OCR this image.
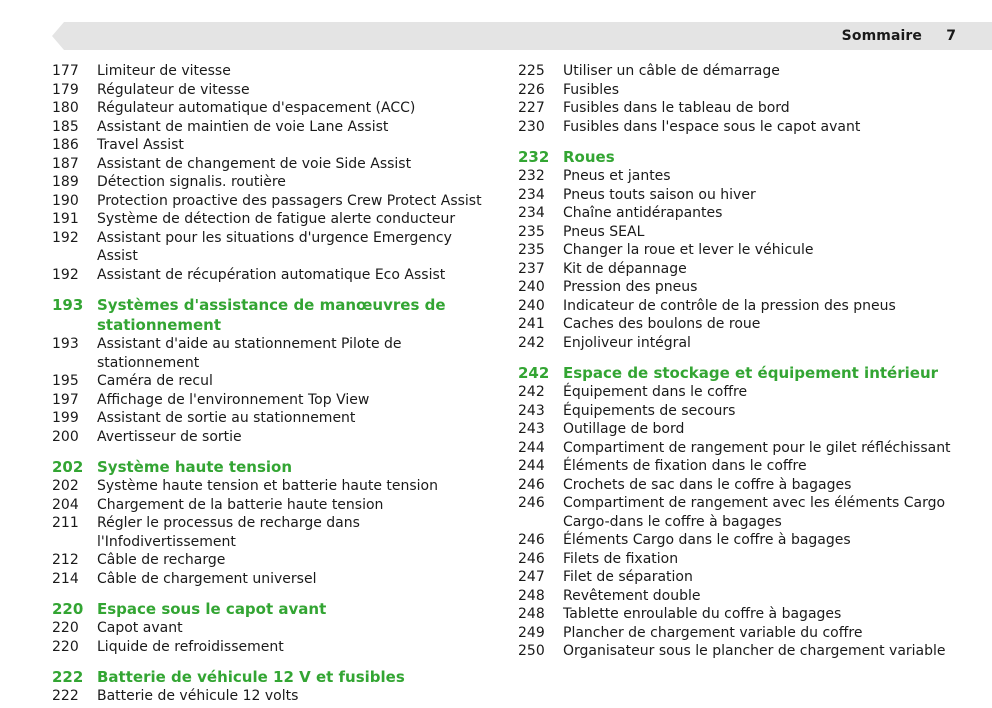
Sommaire 7
177	Limiteur de vitesse
179	Régulateur de vitesse
180	Régulateur automatique d'espacement (ACC)
185	Assistant de maintien de voie Lane Assist
186	Travel Assist
187	Assistant de changement de voie Side Assist
189	Détection signalis. routière
190	Protection proactive des passagers Crew Protect Assist
191	Système de détection de fatigue alerte conducteur
192	Assistant pour les situations d'urgence Emergency Assist
192	Assistant de récupération automatique Eco Assist
193 Systèmes d'assistance de manœuvres de stationnement
193	Assistant d'aide au stationnement Pilote de stationnement
195	Caméra de recul
197	Affichage de l'environnement Top View
199	Assistant de sortie au stationnement
200	Avertisseur de sortie
202 Système haute tension
202	Système haute tension et batterie haute tension
204	Chargement de la batterie haute tension
211	Régler le processus de recharge dans l'Infodivertissement
212	Câble de recharge
214	Câble de chargement universel
220 Espace sous le capot avant
220	Capot avant
220	Liquide de refroidissement
222 Batterie de véhicule 12 V et fusibles
222	Batterie de véhicule 12 volts
225	Utiliser un câble de démarrage
226	Fusibles
227	Fusibles dans le tableau de bord
230	Fusibles dans l'espace sous le capot avant
232 Roues
232	Pneus et jantes
234	Pneus touts saison ou hiver
234	Chaîne antidérapantes
235	Pneus SEAL
235	Changer la roue et lever le véhicule
237	Kit de dépannage
240	Pression des pneus
240	Indicateur de contrôle de la pression des pneus
241	Caches des boulons de roue
242	Enjoliveur intégral
242 Espace de stockage et équipement intérieur
242	Équipement dans le coffre
243	Équipements de secours
243	Outillage de bord
244	Compartiment de rangement pour le gilet réfléchissant
244	Éléments de fixation dans le coffre
246	Crochets de sac dans le coffre à bagages
246	Compartiment de rangement avec les éléments Cargo Cargo-dans le coffre à bagages
246	Éléments Cargo dans le coffre à bagages
246	Filets de fixation
247	Filet de séparation
248	Revêtement double
248	Tablette enroulable du coffre à bagages
249	Plancher de chargement variable du coffre
250	Organisateur sous le plancher de chargement variable
